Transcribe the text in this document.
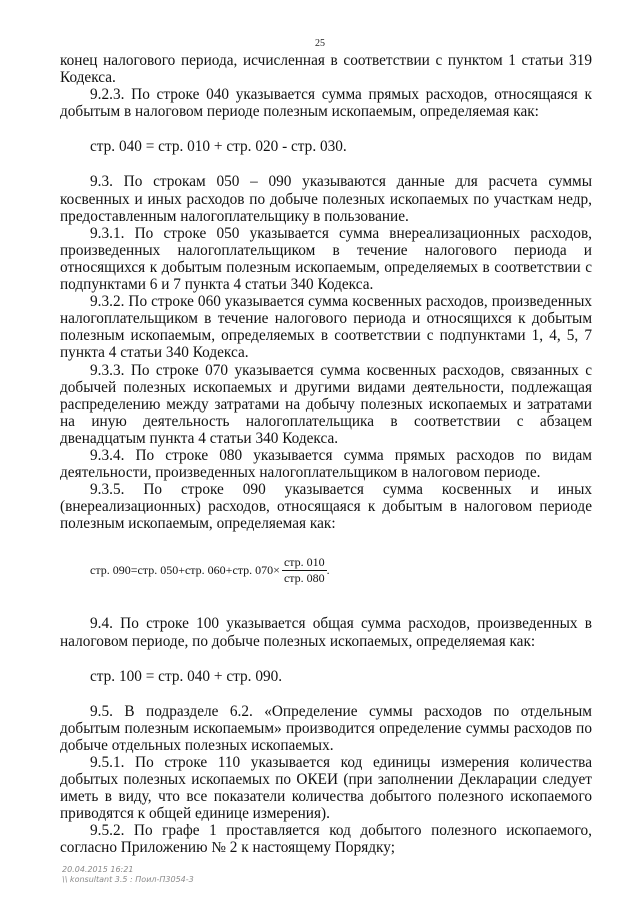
25

конец налогового периода, исчисленная в соответствии с пунктом 1 статьи 319 Кодекса.

9.2.3. По строке 040 указывается сумма прямых расходов, относящаяся к добытым в налоговом периоде полезным ископаемым, определяемая как:

стр. 040 = стр. 010 + стр. 020 - стр. 030.

9.3. По строкам 050 – 090 указываются данные для расчета суммы косвенных и иных расходов по добыче полезных ископаемых по участкам недр, предоставленным налогоплательщику в пользование.

9.3.1. По строке 050 указывается сумма внереализационных расходов, произведенных налогоплательщиком в течение налогового периода и относящихся к добытым полезным ископаемым, определяемых в соответствии с подпунктами 6 и 7 пункта 4 статьи 340 Кодекса.

9.3.2. По строке 060 указывается сумма косвенных расходов, произведенных налогоплательщиком в течение налогового периода и относящихся к добытым полезным ископаемым, определяемых в соответствии с подпунктами 1, 4, 5, 7 пункта 4 статьи 340 Кодекса.

9.3.3. По строке 070 указывается сумма косвенных расходов, связанных с добычей полезных ископаемых и другими видами деятельности, подлежащая распределению между затратами на добычу полезных ископаемых и затратами на иную деятельность налогоплательщика в соответствии с абзацем двенадцатым пункта 4 статьи 340 Кодекса.

9.3.4. По строке 080 указывается сумма прямых расходов по видам деятельности, произведенных налогоплательщиком в налоговом периоде.

9.3.5. По строке 090 указывается сумма косвенных и иных (внереализационных) расходов, относящаяся к добытым в налоговом периоде полезным ископаемым, определяемая как:

стр. 090=стр. 050+стр. 060+стр. $070\times \frac{\text{стр. 010}}{\text{стр. 080}}$ .

9.4. По строке 100 указывается общая сумма расходов, произведенных в налоговом периоде, по добыче полезных ископаемых, определяемая как:

стр. 100 = стр. 040 + стр. 090.

9.5. В подразделе 6.2. «Определение суммы расходов по отдельным добытым полезным ископаемым» производится определение суммы расходов по добыче отдельных полезных ископаемых.

9.5.1. По строке 110 указывается код единицы измерения количества добытых полезных ископаемых по ОКЕИ (при заполнении Декларации следует иметь в виду, что все показатели количества добытого полезного ископаемого приводятся к общей единице измерения).

9.5.2. По графе 1 проставляется код добытого полезного ископаемого, согласно Приложению № 2 к настоящему Порядку;

20.04.2015 16:21
\\ konsultant 3.5 : Поил-П3054-3
